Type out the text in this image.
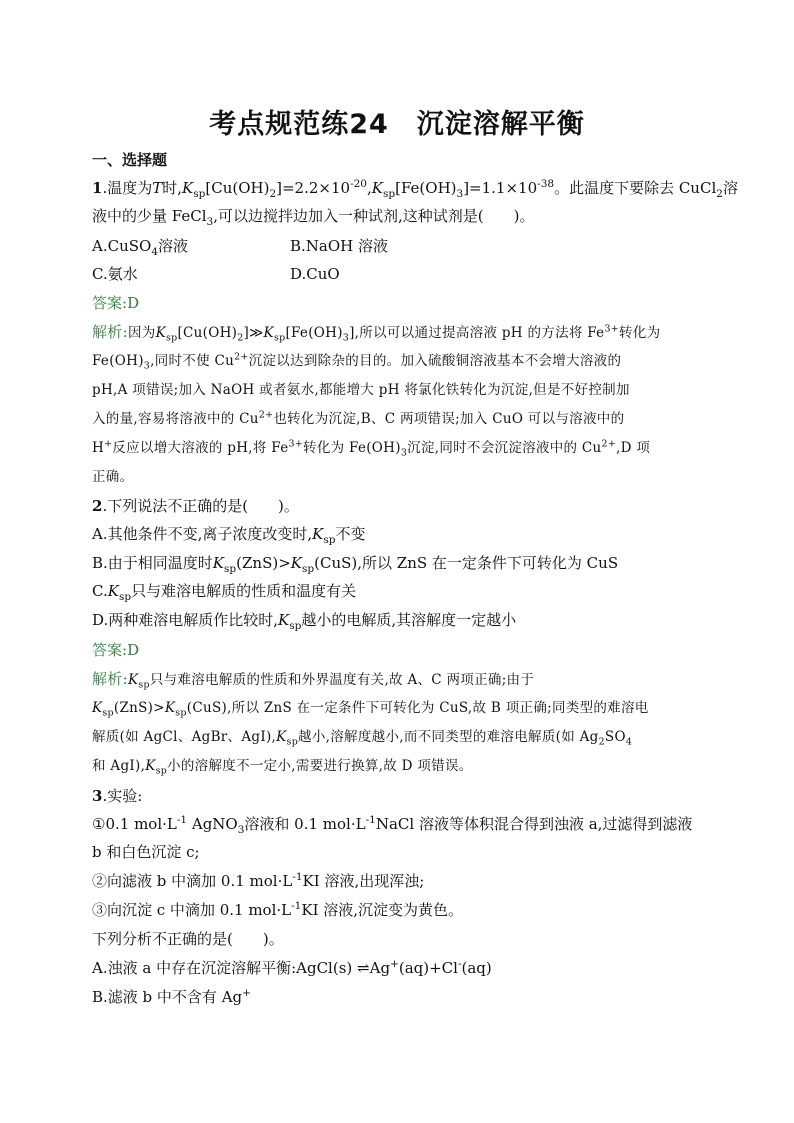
考点规范练24　沉淀溶解平衡
一、选择题
1.温度为T时$,K_{sp}[Cu(OH)_2]=2.2\times 10^{-20},K_{sp}[Fe(OH)_3]=1.1\times 10^{-38}$。此温度下要除去 CuCl$_2$溶
液中的少量 FeCl$_3$,可以边搅拌边加入一种试剂,这种试剂是(　　)。
A.CuSO$_4$溶液	B.NaOH 溶液
C.氨水	D.CuO
答案:D
解析:因为$K_{sp}[Cu(OH)_2]≫K_{sp}[Fe(OH)_3]$,所以可以通过提高溶液 pH 的方法将 $Fe^{3+}$转化为
$Fe(OH)_3$,同时不使 $Cu^{2+}$沉淀以达到除杂的目的。加入硫酸铜溶液基本不会增大溶液的
pH,A 项错误;加入 NaOH 或者氨水,都能增大 pH 将氯化铁转化为沉淀,但是不好控制加
入的量,容易将溶液中的 $Cu^{2+}$也转化为沉淀,B、C 两项错误;加入 CuO 可以与溶液中的
H+反应以增大溶液的 pH,将 $Fe^{3+}$转化为 $Fe(OH)_3$沉淀,同时不会沉淀溶液中的 $Cu^{2+},D$ 项
正确。
2.下列说法不正确的是(　　)。
A.其他条件不变,离子浓度改变时$,K_{sp}$不变
B.由于相同温度时$K_{sp}(ZnS)>K_{sp}(CuS)$,所以 ZnS 在一定条件下可转化为 CuS
$C.K_{sp}$只与难溶电解质的性质和温度有关
D.两种难溶电解质作比较时$,K_{sp}$越小的电解质,其溶解度一定越小
答案:D
解析$:K_{sp}$只与难溶电解质的性质和外界温度有关,故 A、C 两项正确;由于
$K_{sp}(ZnS)>K_{sp}(CuS)$,所以 ZnS 在一定条件下可转化为 CuS,故 B 项正确;同类型的难溶电
解质(如 AgCl、AgBr、$AgI),K_{sp}$越小,溶解度越小,而不同类型的难溶电解质(如 $Ag_2SO_4$
和 $AgI),K_{sp}$小的溶解度不一定小,需要进行换算,故 D 项错误。
3.实验:
①0.1 $mol\cdot L^{-1}$ AgNO$_3$溶液和 0.1 $mol\cdot L^{-1}NaCl$ 溶液等体积混合得到浊液 a,过滤得到滤液
b 和白色沉淀 c;
②向滤液 b 中滴加 0.1 $mol\cdot L^{-1}KI$ 溶液,出现浑浊;
③向沉淀 c 中滴加 0.1 $mol\cdot L^{-1}KI$ 溶液,沉淀变为黄色。
下列分析不正确的是(　　)。
A.浊液 a 中存在沉淀溶解平衡:AgCl(s) ⇌Ag+(aq)+Cl-(aq)
B.滤液 b 中不含有 Ag+
